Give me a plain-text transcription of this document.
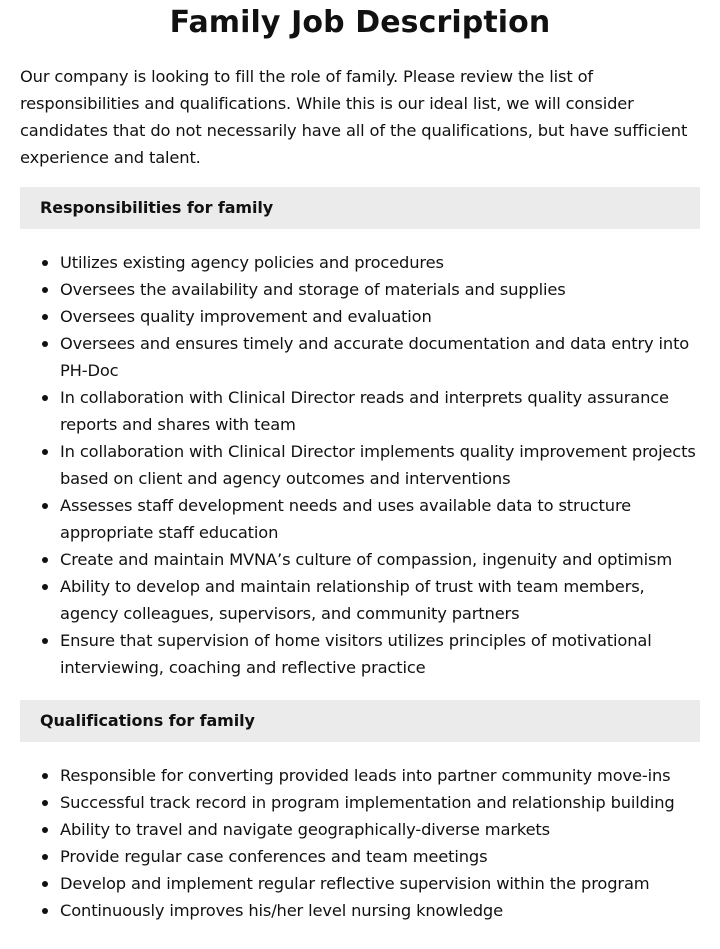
Family Job Description

Our company is looking to fill the role of family. Please review the list of responsibilities and qualifications. While this is our ideal list, we will consider candidates that do not necessarily have all of the qualifications, but have sufficient experience and talent.

Responsibilities for family
Utilizes existing agency policies and procedures
Oversees the availability and storage of materials and supplies
Oversees quality improvement and evaluation
Oversees and ensures timely and accurate documentation and data entry into PH-Doc
In collaboration with Clinical Director reads and interprets quality assurance reports and shares with team
In collaboration with Clinical Director implements quality improvement projects based on client and agency outcomes and interventions
Assesses staff development needs and uses available data to structure appropriate staff education
Create and maintain MVNA’s culture of compassion, ingenuity and optimism
Ability to develop and maintain relationship of trust with team members, agency colleagues, supervisors, and community partners
Ensure that supervision of home visitors utilizes principles of motivational interviewing, coaching and reflective practice
Qualifications for family
Responsible for converting provided leads into partner community move-ins
Successful track record in program implementation and relationship building
Ability to travel and navigate geographically-diverse markets
Provide regular case conferences and team meetings
Develop and implement regular reflective supervision within the program
Continuously improves his/her level nursing knowledge
